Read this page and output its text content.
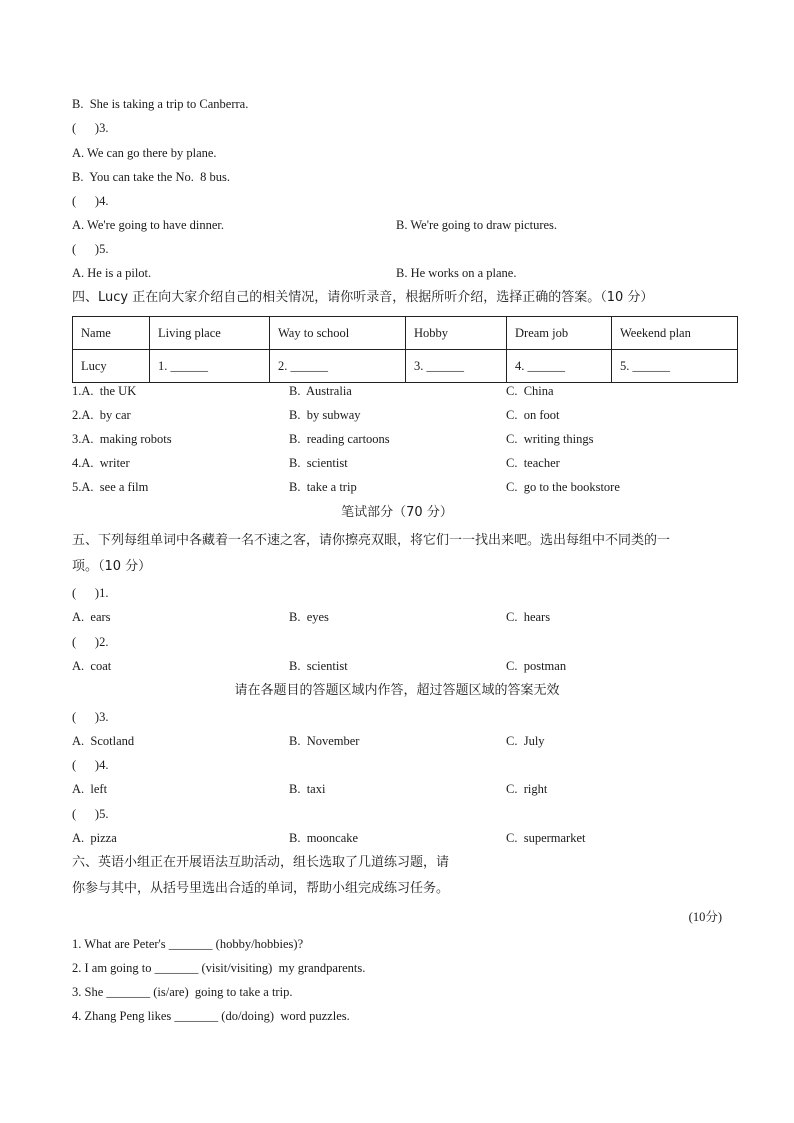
B.  She is taking a trip to Canberra.
(      )3.
A. We can go there by plane.
B.  You can take the No.  8 bus.
(      )4.
A. We're going to have dinner.	B. We're going to draw pictures.
(      )5.
A. He is a pilot.	B. He works on a plane.
四、Lucy 正在向大家介绍自己的相关情况，请你听录音，根据所听介绍，选择正确的答案。（10 分）
Name	Living place	Way to school	Hobby	Dream job	Weekend plan
Lucy	1. ______	2. ______	3. ______	4. ______	5. ______
1.A.  the UK	B.  Australia	C.  China
2.A.  by car	B.  by subway	C.  on foot
3.A.  making robots	B.  reading cartoons	C.  writing things
4.A.  writer	B.  scientist	C.  teacher
5.A.  see a film	B.  take a trip	C.  go to the bookstore
笔试部分（70 分）
五、下列每组单词中各藏着一名不速之客，请你擦亮双眼，将它们一一找出来吧。选出每组中不同类的一
项。（10 分）
(      )1.
A.  ears	B.  eyes	C.  hears
(      )2.
A.  coat	B.  scientist	C.  postman
请在各题目的答题区域内作答，超过答题区域的答案无效
(      )3.
A.  Scotland	B.  November	C.  July
(      )4.
A.  left	B.  taxi	C.  right
(      )5.
A.  pizza	B.  mooncake	C.  supermarket
六、英语小组正在开展语法互助活动，组长选取了几道练习题，请
你参与其中，从括号里选出合适的单词，帮助小组完成练习任务。
(10分)
1. What are Peter's _______ (hobby/hobbies)?
2. I am going to _______ (visit/visiting)  my grandparents.
3. She _______ (is/are)  going to take a trip.
4. Zhang Peng likes _______ (do/doing)  word puzzles.
